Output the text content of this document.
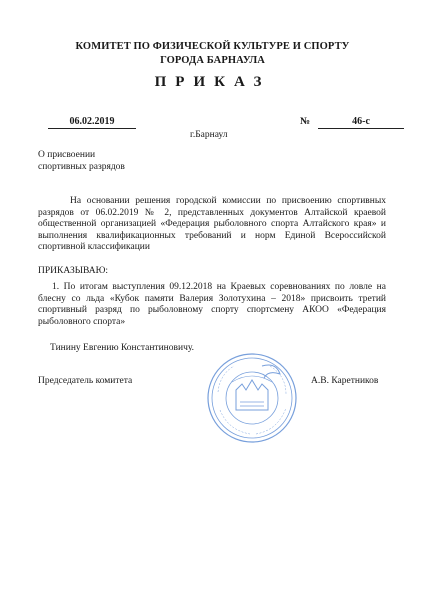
КОМИТЕТ ПО ФИЗИЧЕСКОЙ КУЛЬТУРЕ И СПОРТУ
ГОРОДА БАРНАУЛА
ПРИКАЗ
06.02.2019	№	46-с
г.Барнаул
О присвоении
спортивных разрядов
На основании решения городской комиссии по присвоению спортивных разрядов от 06.02.2019 № 2, представленных документов Алтайской краевой общественной организацией «Федерация рыболовного спорта Алтайского края» и выполнения квалификационных требований и норм Единой Всероссийской спортивной классификации
ПРИКАЗЫВАЮ:
1. По итогам выступления 09.12.2018 на Краевых соревнованиях по ловле на блесну со льда «Кубок памяти Валерия Золотухина – 2018» присвоить третий спортивный разряд по рыболовному спорту спортсмену АКОО «Федерация рыболовного спорта»
Тинину Евгению Константиновичу.
Председатель комитета	А.В. Каретников
